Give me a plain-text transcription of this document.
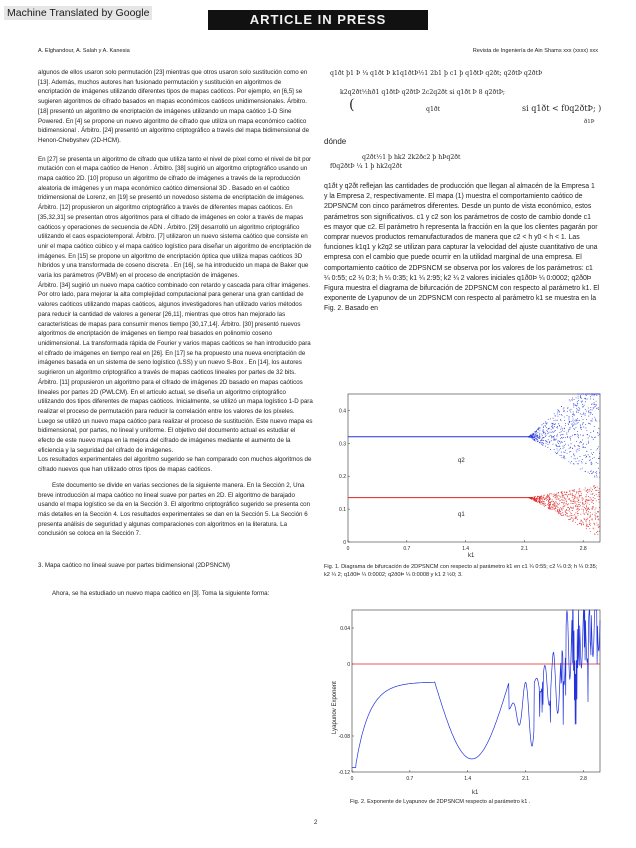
Machine Translated by Google	ARTICLE IN PRESS
A. Elghandour, A. Salah y A. Kanesia	Revista de Ingeniería de Ain Shams xxx (xxxx) xxx

algunos de ellos usaron solo permutación [23] mientras que otros usaron solo sustitución como en [13]. Además, muchos autores han fusionado permutación y sustitución en algoritmos de encriptación de imágenes utilizando diferentes tipos de mapas caóticos. Por ejemplo, en [6,5] se sugieren algoritmos de cifrado basados en mapas económicos caóticos unidimensionales. Árbitro. [18] presentó un algoritmo de encriptación de imágenes utilizando un mapa caótico 1-D Sine Powered. En [4] se propone un nuevo algoritmo de cifrado que utiliza un mapa económico caótico bidimensional . Árbitro. [24] presentó un algoritmo criptográfico a través del mapa bidimensional de Henon-Chebyshev (2D-HCM).

En [27] se presenta un algoritmo de cifrado que utiliza tanto el nivel de píxel como el nivel de bit por mutación con el mapa caótico de Henon . Árbitro. [38] sugirió un algoritmo criptográfico usando un mapa caótico 2D. [10] propuso un algoritmo de cifrado de imágenes a través de la reproducción aleatoria de imágenes y un mapa económico caótico dimensional 3D . Basado en el caótico tridimensional de Lorenz, en [19] se presentó un novedoso sistema de encriptación de imágenes. Árbitro. [12] propusieron un algoritmo criptográfico a través de diferentes mapas caóticos. En [35,32,31] se presentan otros algoritmos para el cifrado de imágenes en color a través de mapas caóticos y operaciones de secuencia de ADN . Árbitro. [29] desarrolló un algoritmo criptográfico utilizando el caos espaciotemporal. Árbitro. [7] utilizaron un nuevo sistema caótico que consiste en unir el mapa caótico cúbico y el mapa caótico logístico para diseñar un algoritmo de encriptación de imágenes. En [15] se propone un algoritmo de encriptación óptica que utiliza mapas caóticos 3D híbridos y una transformada de coseno discreta . En [16], se ha introducido un mapa de Baker que varía los parámetros (PVBM) en el proceso de encriptación de imágenes.

Árbitro. [34] sugirió un nuevo mapa caótico combinado con retardo y cascada para cifrar imágenes. Por otro lado, para mejorar la alta complejidad computacional para generar una gran cantidad de valores caóticos utilizando mapas caóticos, algunos investigadores han utilizado varios métodos para reducir la cantidad de valores a generar [26,11], mientras que otros han mejorado las características de mapas para consumir menos tiempo [30,17,14]. Árbitro. [30] presentó nuevos algoritmos de encriptación de imágenes en tiempo real basados en polinomio coseno unidimensional. La transformada rápida de Fourier y varios mapas caóticos se han introducido para el cifrado de imágenes en tiempo real en [26]. En [17] se ha propuesto una nueva encriptación de imágenes basada en un sistema de seno logístico (LSS) y un nuevo S-Box . En [14], los autores sugirieron un algoritmo criptográfico a través de mapas caóticos lineales por partes de 32 bits.

Árbitro. [11] propusieron un algoritmo para el cifrado de imágenes 2D basado en mapas caóticos lineales por partes 2D (PWLCM). En el artículo actual, se diseña un algoritmo criptográfico utilizando dos tipos diferentes de mapas caóticos. Inicialmente, se utilizó un mapa logístico 1-D para realizar el proceso de permutación para reducir la correlación entre los valores de los píxeles. Luego se utilizó un nuevo mapa caótico para realizar el proceso de sustitución. Este nuevo mapa es bidimensional, por partes, no lineal y uniforme. El objetivo del documento actual es estudiar el efecto de este nuevo mapa en la mejora del cifrado de imágenes mediante el aumento de la eficiencia y la seguridad del cifrado de imágenes.

Los resultados experimentales del algoritmo sugerido se han comparado con muchos algoritmos de cifrado nuevos que han utilizado otros tipos de mapas caóticos.

Este documento se divide en varias secciones de la siguiente manera. En la Sección 2, Una breve introducción al mapa caótico no lineal suave por partes en 2D. El algoritmo de barajado usando el mapa logístico se da en la Sección 3. El algoritmo criptográfico sugerido se presenta con más detalles en la Sección 4. Los resultados experimentales se dan en la Sección 5. La Sección 6 presenta análisis de seguridad y algunas comparaciones con algoritmos en la literatura. La conclusión se coloca en la Sección 7.

3. Mapa caótico no lineal suave por partes bidimensional (2DPSNCM)

Ahora, se ha estudiado un nuevo mapa caótico en [3]. Toma la siguiente forma:

q1ðt þ1 Þ ¼ q1ðt Þ k1q1ðtÞ½1 2b1 þ c1 þ q1ðtÞ q2ðt; q2ðtÞ q2ðtÞ
k2q2ðt½hð1 q1ðtÞ q2ðtÞ 2c2q2ðt si q1ðt Þ 8 q2ðtÞ;
(	q1ðt	si q1ðt < f0q2ðtÞ; )
ð1Þ
dónde
q2ðt½1 þ hk2 2k2ðc2 þ hÞq2ðt
f0q2ðtÞ ¼ 1 þ hk2q2ðt
q1ðt y q2ðt reflejan las cantidades de producción que llegan al almacén de la Empresa 1 y la Empresa 2, respectivamente. El mapa (1) muestra el comportamiento caótico de 2DPSNCM con cinco parámetros diferentes. Desde un punto de vista económico, estos parámetros son significativos. c1 y c2 son los parámetros de costo de cambio donde c1 es mayor que c2. El parámetro h representa la fracción en la que los clientes pagarán por comprar nuevos productos remanufacturados de manera que c2 < h y0 < h < 1. Las funciones k1q1 y k2q2 se utilizan para capturar la velocidad del ajuste cuantitativo de una empresa con el cambio que puede ocurrir en la utilidad marginal de una empresa. El comportamiento caótico de 2DPSNCM se observa por los valores de los parámetros: c1 ¼ 0:55; c2 ¼ 0:3; h ¼ 0:35; k1 ¼ 2:95; k2 ¼ 2 valores iniciales q1ð0Þ ¼ 0:0002; q2ð0Þ Figura muestra el diagrama de bifurcación de 2DPSNCM con respecto al parámetro k1. El exponente de Lyapunov de un 2DPSNCM con respecto al parámetro k1 se muestra en la Fig. 2. Basado en
0
0.1
0.2
0.3
0.4
0	0.7	1.4	2.1	2.8
q2
q1
k1
Fig. 1. Diagrama de bifurcación de 2DPSNCM con respecto al parámetro k1 en c1 ¼ 0:55; c2 ¼ 0:3; h ¼ 0:35; k2 ¼ 2; q1ð0Þ ¼ 0:0002; q2ð0Þ ¼ 0:0008 y k1 2 ½0; 3.
0.04
0
-0.08
-0.12
0	0.7	1.4	2.1	2.8
Lyapunov Exponent
k1
Fig. 2. Exponente de Lyapunov de 2DPSNCM respecto al parámetro k1 .
2
